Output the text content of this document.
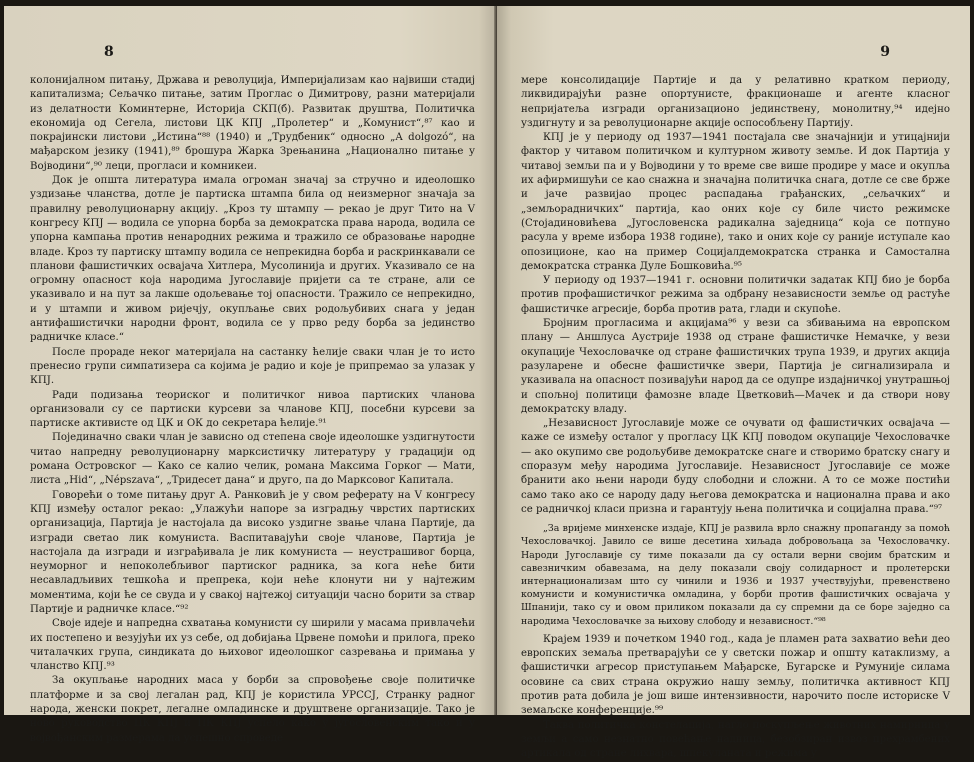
8

колонијалном питању, Држава и револуција, Империјализам као највиши стадиј капитализма; Сељачко питање, затим Проглас о Димитрову, разни материјали из делатности Коминтерне, Историја СКП(б). Развитак друштва, Политичка економија од Сегела, листови ЦК КПЈ „Пролетер“ и „Комунист“,⁸⁷ као и покрајински листови „Истина“⁸⁸ (1940) и „Трудбеник“ односно „A dolgozó“, на мађарском језику (1941),⁸⁹ брошура Жарка Зрењанина „Национално питање у Војводини“,⁹⁰ леци, прогласи и комникеи.

Док је општа литература имала огроман значај за стручно и идеолошко уздизање чланства, дотле је партиска штампа била од неизмерног значаја за правилну револуционарну акцију. „Кроз ту штампу — рекао је друг Тито на V конгресу КПЈ — водила се упорна борба за демократска права народа, водила се упорна кампања против ненародних режима и тражило се образовање народне владе. Кроз ту партиску штампу водила се непрекидна борба и раскринкавали се планови фашистичких освајача Хитлера, Мусолинија и других. Указивало се на огромну опасност која народима Југославије пријети са те стране, али се указивало и на пут за лакше одољевање тој опасности. Тражило се непрекидно, и у штампи и живом ријечју, окупљање свих родољубивих снага у један антифашистички народни фронт, водила се у прво реду борба за јединство радничке класе.“

После прораде неког материјала на састанку ћелије сваки члан је то исто пренесио групи симпатизера са којима је радио и које је припремао за улазак у КПЈ.

Ради подизања теориског и политичког нивоа партиских чланова организовали су се партиски курсеви за чланове КПЈ, посебни курсеви за партиске активисте од ЦК и ОК до секретара ћелије.⁹¹

Појединачно сваки члан је зависно од степена своје идеолошке уздигнутости читао напредну револуционарну марксистичку литературу у градацији од романа Островског — Како се калио челик, романа Максима Горког — Мати, листа „Hid“, „Népszava“, „Тридесет дана“ и друго, па до Марксовог Капитала.

Говорећи о томе питању друг А. Ранковић је у свом реферату на V конгресу КПЈ између осталог рекао: „Улажући напоре за изградњу чврстих партиских организација, Партија је настојала да високо уздигне звање члана Партије, да изгради светао лик комуниста. Васпитавајући своје чланове, Партија је настојала да изгради и изграђивала је лик комуниста — неустрашивог борца, неуморног и непоколебљивог партиског радника, за кога неће бити несавладљивих тешкоћа и препрека, који неће клонути ни у најтежим моментима, који ће се свуда и у свакој најтежој ситуацији часно борити за ствар Партије и радничке класе.“⁹²

Своје идеје и напредна схватања комунисти су ширили у масама привлачећи их постепено и везујући их уз себе, од добијања Црвене помоћи и прилога, преко читалачких група, синдиката до њиховог идеолошког сазревања и примања у чланство КПЈ.⁹³

За окупљање народних маса у борби за спровођење своје политичке платформе и за свој легалан рад, КПЈ је користила УРССЈ, Странку радног народа, женски покрет, легалне омладинске и друштвене организације. Тако је ново руководство ЦК КПЈ и ПК КПЈ успело како у југословенским тако и у војвођанским размерама да успешно спроведе

9

мере консолидације Партије и да у релативно кратком периоду, ликвидирајући разне опортунисте, фракционаше и агенте класног непријатеља изгради организационо јединствену, монолитну,⁹⁴ идејно уздигнуту и за револуционарне акције оспособљену Партију.

КПЈ је у периоду од 1937—1941 постајала све значајнији и утицајнији фактор у читавом политичком и културном животу земље. И док Партија у читавој земљи па и у Војводини у то време све више продире у масе и окупља их афирмишући се као снажна и значајна политичка снага, дотле се све брже и јаче развијао процес распадања грађанских, „сељачких“ и „земљорадничких“ партија, као оних које су биле чисто режимске (Стојадиновићева „Југословенска радикална заједница“ која се потпуно расула у време избора 1938 године), тако и оних које су раније иступале као опозиционе, као на пример Социјалдемократска странка и Самостална демократска странка Дуле Бошковића.⁹⁵

У периоду од 1937—1941 г. основни политички задатак КПЈ био је борба против профашистичког режима за одбрану независности земље од растуће фашистичке агресије, борба против рата, глади и скупоће.

Бројним прогласима и акцијама⁹⁶ у вези са збивањима на европском плану — Аншлуса Аустрије 1938 од стране фашистичке Немачке, у вези окупације Чехословачке од стране фашистичких трупа 1939, и других акција разуларене и обесне фашистичке звери, Партија је сигнализирала и указивала на опасност позивајући народ да се одупре издајничкој унутрашњој и спољној политици фамозне владе Цветковић—Мачек и да створи нову демократску владу.

„Независност Југославије може се очувати од фашистичких освајача — каже се између осталог у прогласу ЦК КПЈ поводом окупације Чехословачке — ако окупимо све родољубиве демократске снаге и створимо братску снагу и споразум међу народима Југославије. Независност Југославије се може бранити ако њени народи буду слободни и сложни. А то се може постићи само тако ако се народу даду његова демократска и национална права и ако се радничкој класи призна и гарантују њена политичка и социјална права.“⁹⁷

„За вријеме минхенске издаје, КПЈ је развила врло снажну пропаганду за помоћ Чехословачкој. Јавило се више десетина хиљада добровољаца за Чехословачку. Народи Југославије су тиме показали да су остали верни својим братским и савезничким обавезама, на делу показали своју солидарност и пролетерски интернационализам што су чинили и 1936 и 1937 учествујући, превенствено комунисти и комунистичка омладина, у борби против фашистичких освајача у Шпанији, тако су и овом приликом показали да су спремни да се боре заједно са народима Чехословачке за њихову слободу и независност.“⁹⁸

Крајем 1939 и почетком 1940 год., када је пламен рата захватио већи део европских земаља претварајући се у светски пожар и општу катаклизму, а фашистички агресор приступањем Мађарске, Бугарске и Румуније силама осовине са свих страна окружио нашу земљу, политичка активност КПЈ против рата добила је још више интензивности, нарочито после историске V земаљске конференције.⁹⁹

Таква политичка констелација, нагло поскупљење животних намирница у земљи а само незнатно повећање надница, безобзиран извоз прехрамбених артикала од стране лихвара, шпекуланата и режима у
